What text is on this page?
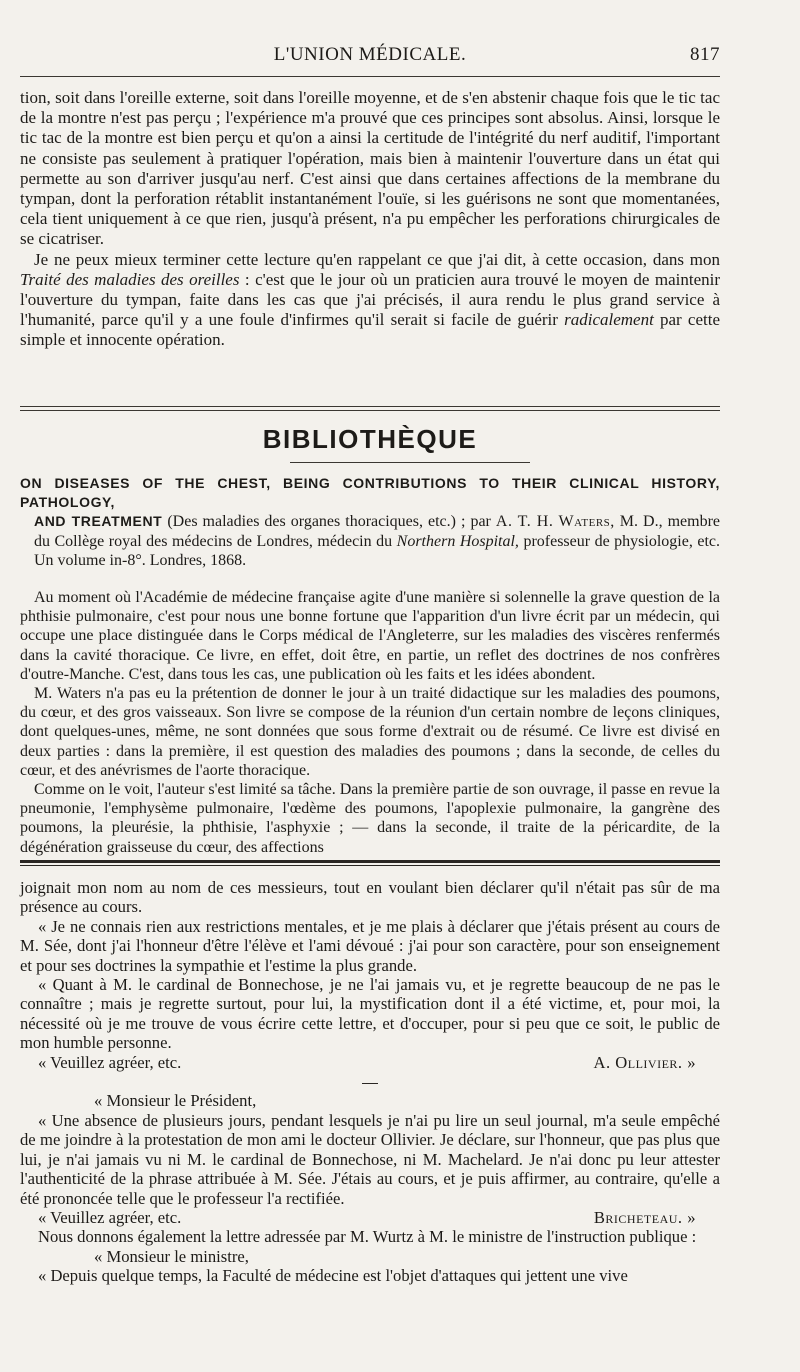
L'UNION MÉDICALE.	817

tion, soit dans l'oreille externe, soit dans l'oreille moyenne, et de s'en abstenir chaque fois que le tic tac de la montre n'est pas perçu ; l'expérience m'a prouvé que ces principes sont absolus. Ainsi, lorsque le tic tac de la montre est bien perçu et qu'on a ainsi la certitude de l'intégrité du nerf auditif, l'important ne consiste pas seulement à pratiquer l'opération, mais bien à maintenir l'ouverture dans un état qui permette au son d'arriver jusqu'au nerf. C'est ainsi que dans certaines affections de la membrane du tympan, dont la perforation rétablit instantanément l'ouïe, si les guérisons ne sont que momentanées, cela tient uniquement à ce que rien, jusqu'à présent, n'a pu empêcher les perforations chirurgicales de se cicatriser.

Je ne peux mieux terminer cette lecture qu'en rappelant ce que j'ai dit, à cette occasion, dans mon Traité des maladies des oreilles : c'est que le jour où un praticien aura trouvé le moyen de maintenir l'ouverture du tympan, faite dans les cas que j'ai précisés, il aura rendu le plus grand service à l'humanité, parce qu'il y a une foule d'infirmes qu'il serait si facile de guérir radicalement par cette simple et innocente opération.

BIBLIOTHÈQUE

ON DISEASES OF THE CHEST, BEING CONTRIBUTIONS TO THEIR CLINICAL HISTORY, PATHOLOGY,
AND TREATMENT (Des maladies des organes thoraciques, etc.) ; par A. T. H. Waters, M. D., membre du Collège royal des médecins de Londres, médecin du Northern Hospital, professeur de physiologie, etc. Un volume in-8°. Londres, 1868.

Au moment où l'Académie de médecine française agite d'une manière si solennelle la grave question de la phthisie pulmonaire, c'est pour nous une bonne fortune que l'apparition d'un livre écrit par un médecin, qui occupe une place distinguée dans le Corps médical de l'Angleterre, sur les maladies des viscères renfermés dans la cavité thoracique. Ce livre, en effet, doit être, en partie, un reflet des doctrines de nos confrères d'outre-Manche. C'est, dans tous les cas, une publication où les faits et les idées abondent.

M. Waters n'a pas eu la prétention de donner le jour à un traité didactique sur les maladies des poumons, du cœur, et des gros vaisseaux. Son livre se compose de la réunion d'un certain nombre de leçons cliniques, dont quelques-unes, même, ne sont données que sous forme d'extrait ou de résumé. Ce livre est divisé en deux parties : dans la première, il est question des maladies des poumons ; dans la seconde, de celles du cœur, et des anévrismes de l'aorte thoracique.

Comme on le voit, l'auteur s'est limité sa tâche. Dans la première partie de son ouvrage, il passe en revue la pneumonie, l'emphysème pulmonaire, l'œdème des poumons, l'apoplexie pulmonaire, la gangrène des poumons, la pleurésie, la phthisie, l'asphyxie ; — dans la seconde, il traite de la péricardite, de la dégénération graisseuse du cœur, des affections

joignait mon nom au nom de ces messieurs, tout en voulant bien déclarer qu'il n'était pas sûr de ma présence au cours.

« Je ne connais rien aux restrictions mentales, et je me plais à déclarer que j'étais présent au cours de M. Sée, dont j'ai l'honneur d'être l'élève et l'ami dévoué : j'ai pour son caractère, pour son enseignement et pour ses doctrines la sympathie et l'estime la plus grande.

« Quant à M. le cardinal de Bonnechose, je ne l'ai jamais vu, et je regrette beaucoup de ne pas le connaître ; mais je regrette surtout, pour lui, la mystification dont il a été victime, et, pour moi, la nécessité où je me trouve de vous écrire cette lettre, et d'occuper, pour si peu que ce soit, le public de mon humble personne.

« Veuillez agréer, etc.	A. Ollivier. »

« Monsieur le Président,

« Une absence de plusieurs jours, pendant lesquels je n'ai pu lire un seul journal, m'a seule empêché de me joindre à la protestation de mon ami le docteur Ollivier. Je déclare, sur l'honneur, que pas plus que lui, je n'ai jamais vu ni M. le cardinal de Bonnechose, ni M. Machelard. Je n'ai donc pu leur attester l'authenticité de la phrase attribuée à M. Sée. J'étais au cours, et je puis affirmer, au contraire, qu'elle a été prononcée telle que le professeur l'a rectifiée.

« Veuillez agréer, etc.	Bricheteau. »

Nous donnons également la lettre adressée par M. Wurtz à M. le ministre de l'instruction publique :

« Monsieur le ministre,

« Depuis quelque temps, la Faculté de médecine est l'objet d'attaques qui jettent une vive
